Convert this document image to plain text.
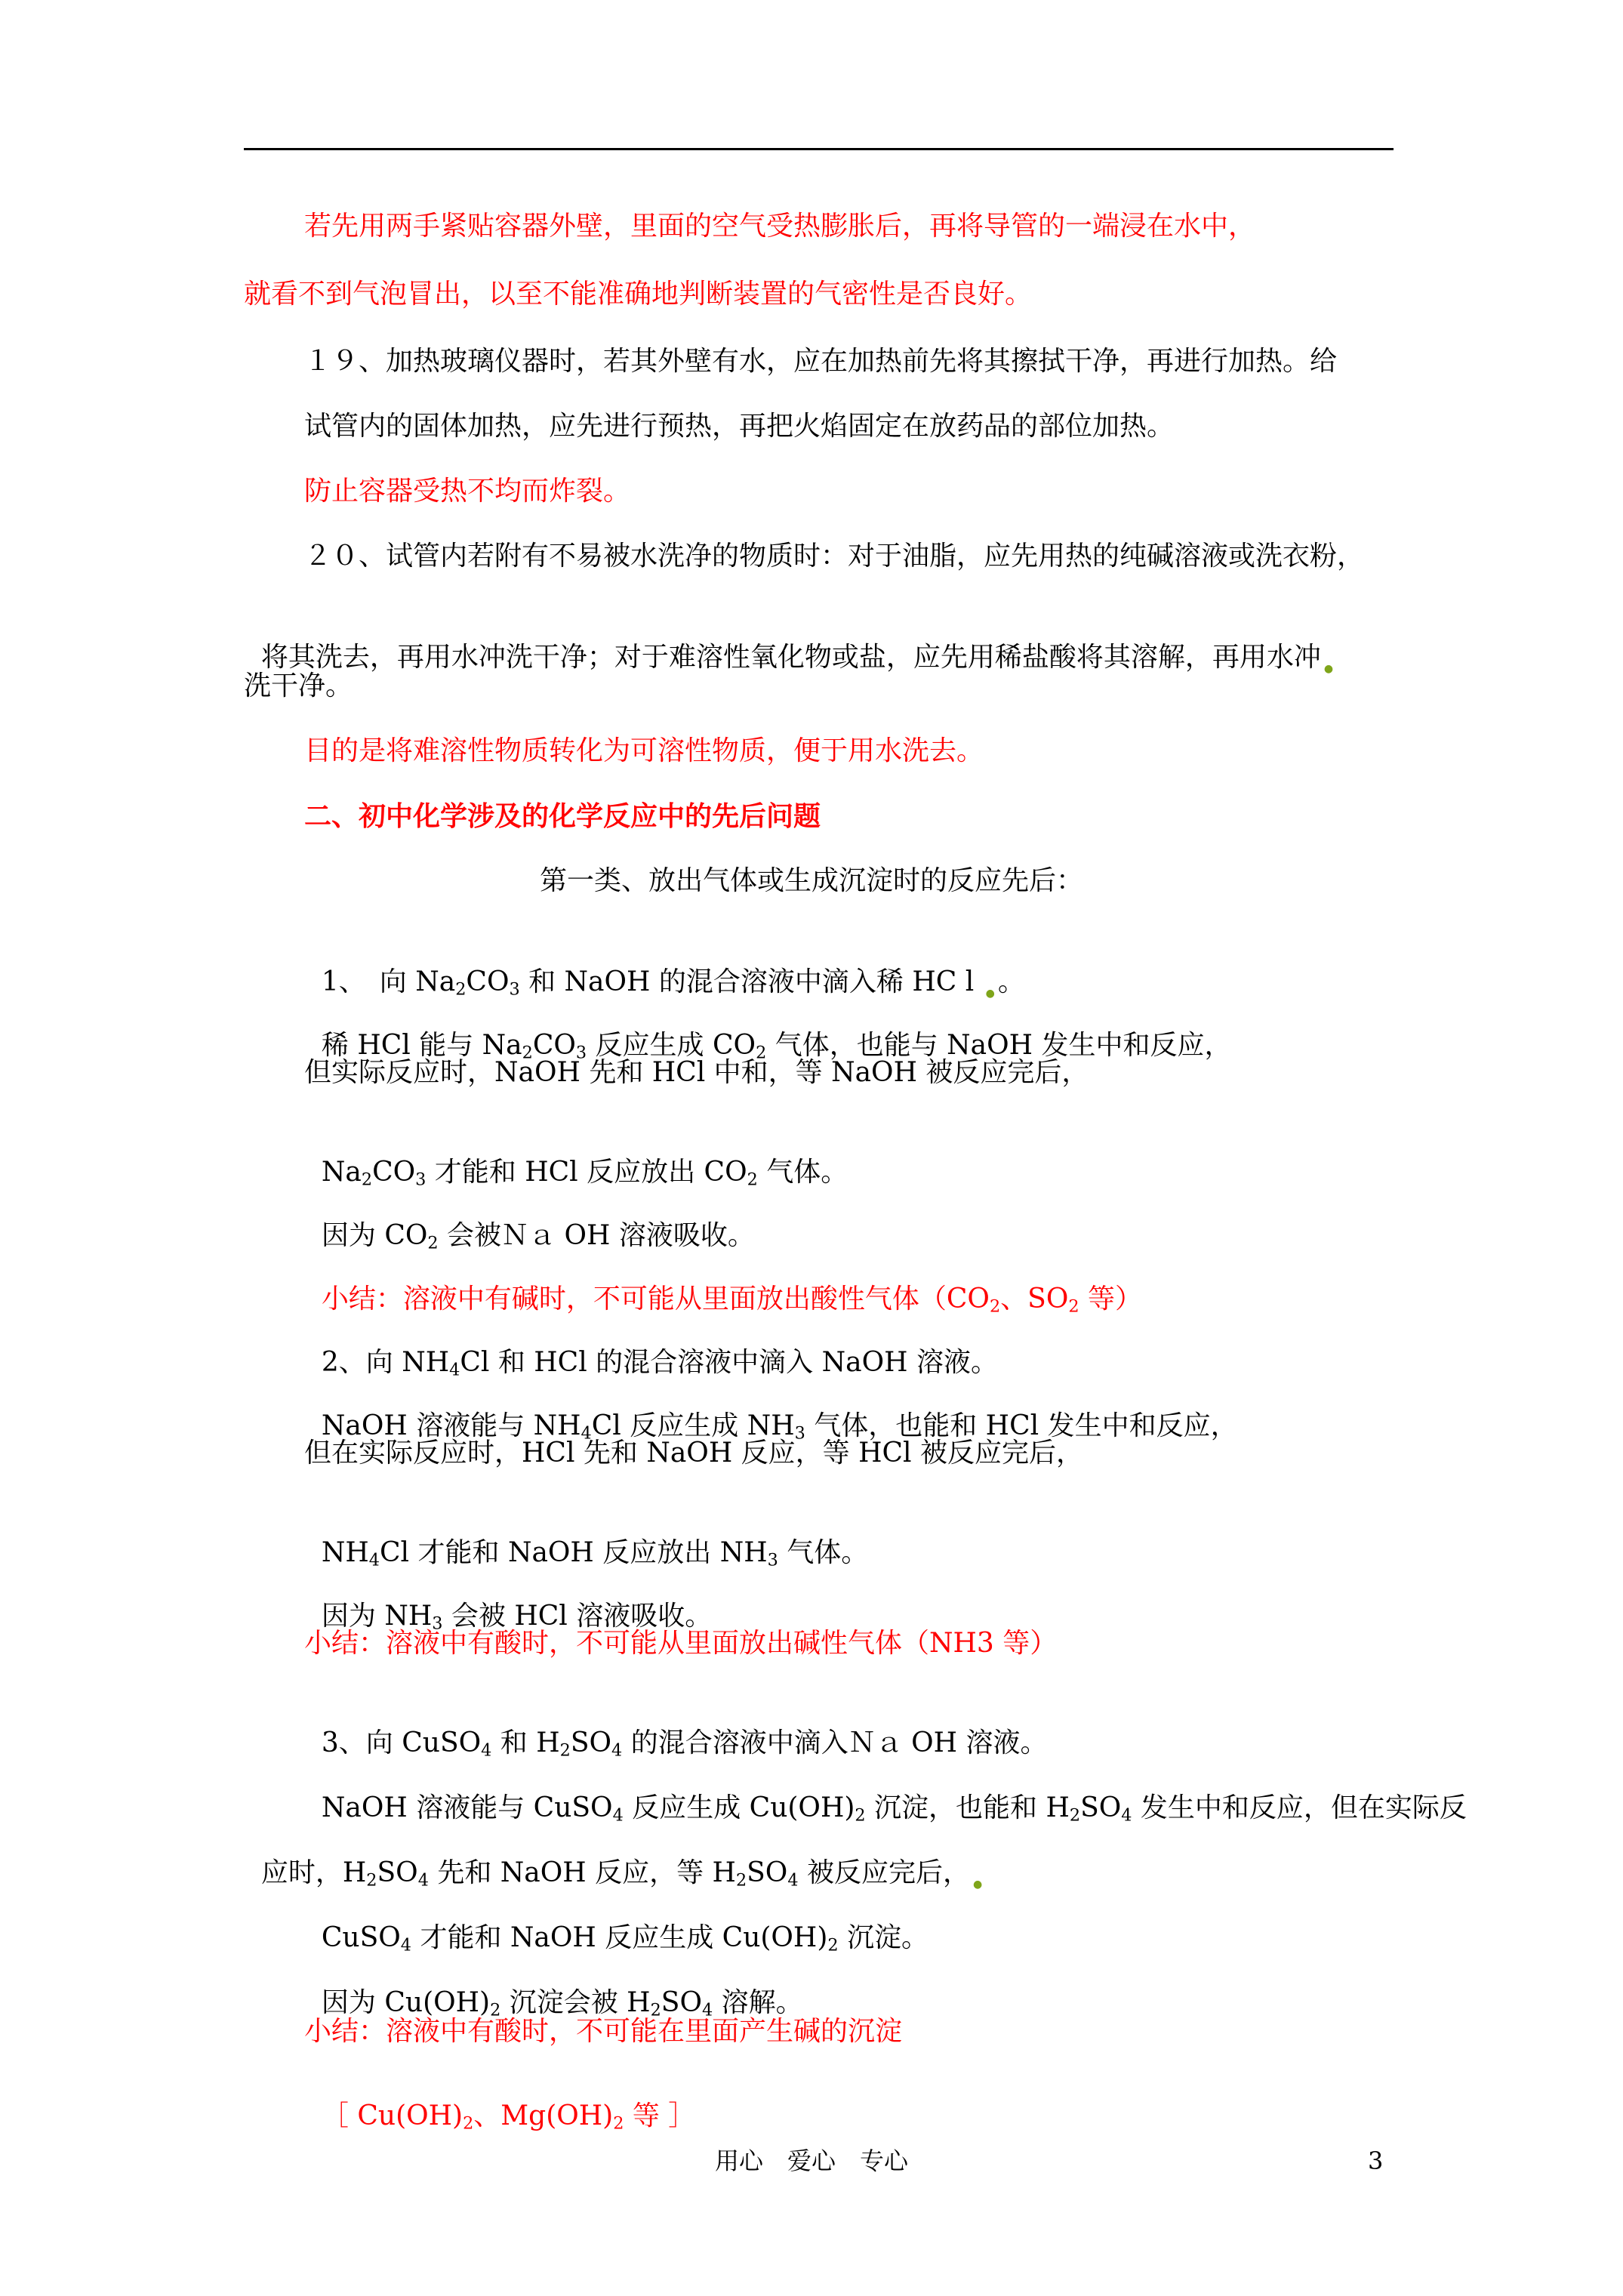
若先用两手紧贴容器外壁，里面的空气受热膨胀后，再将导管的一端浸在水中，
就看不到气泡冒出，以至不能准确地判断装置的气密性是否良好。
１９、加热玻璃仪器时，若其外壁有水，应在加热前先将其擦拭干净，再进行加热。给
试管内的固体加热，应先进行预热，再把火焰固定在放药品的部位加热。
防止容器受热不均而炸裂。
２０、试管内若附有不易被水洗净的物质时：对于油脂，应先用热的纯碱溶液或洗衣粉，

将其洗去，再用水冲洗干净；对于难溶性氧化物或盐，应先用稀盐酸将其溶解，再用水冲 $_●$

洗干净。
目的是将难溶性物质转化为可溶性物质，便于用水洗去。
二、初中化学涉及的化学反应中的先后问题
第一类、放出气体或生成沉淀时的反应先后：

1、　向 $Na_2CO_3$ 和 NaOH 的混合溶液中滴入稀 HC l $_●$ 。

稀 HCl 能与 $Na_2CO_3$ 反应生成 $CO_2$ 气体，也能与 NaOH 发生中和反应，

但实际反应时，NaOH 先和 HCl 中和，等 NaOH 被反应完后，

$Na_2CO_3$ 才能和 HCl 反应放出 $CO_2$ 气体。

因为 $CO_2$ 会被Ｎａ OH 溶液吸收。

小结：溶液中有碱时，不可能从里面放出酸性气体（$CO_2$、$SO_2$ 等）

2、向 $NH_4Cl$ 和 HCl 的混合溶液中滴入 NaOH 溶液。

NaOH 溶液能与 $NH_4Cl$ 反应生成 $NH_3$ 气体，也能和 HCl 发生中和反应，

但在实际反应时，HCl 先和 NaOH 反应，等 HCl 被反应完后，

$NH_4Cl$ 才能和 NaOH 反应放出 $NH_3$ 气体。

因为 $NH_3$ 会被 HCl 溶液吸收。

小结：溶液中有酸时，不可能从里面放出碱性气体（NH3 等）

3、向 CuSO$_4$ 和 $H_2SO_4$ 的混合溶液中滴入Ｎａ OH 溶液。

NaOH 溶液能与 CuSO$_4$ 反应生成 $Cu(OH)_2$ 沉淀，也能和 $H_2SO_4$ 发生中和反应，但在实际反

应时，$H_2SO_4$ 先和 NaOH 反应，等 $H_2SO_4$ 被反应完后， $_●$

CuSO$_4$ 才能和 NaOH 反应生成 $Cu(OH)_2$ 沉淀。

因为 $Cu(OH)_2$ 沉淀会被 $H_2SO_4$ 溶解。

小结：溶液中有酸时，不可能在里面产生碱的沉淀

［ $Cu(OH)_2$、$Mg(OH)_2$ 等 ］

用心　爱心　专心	3
